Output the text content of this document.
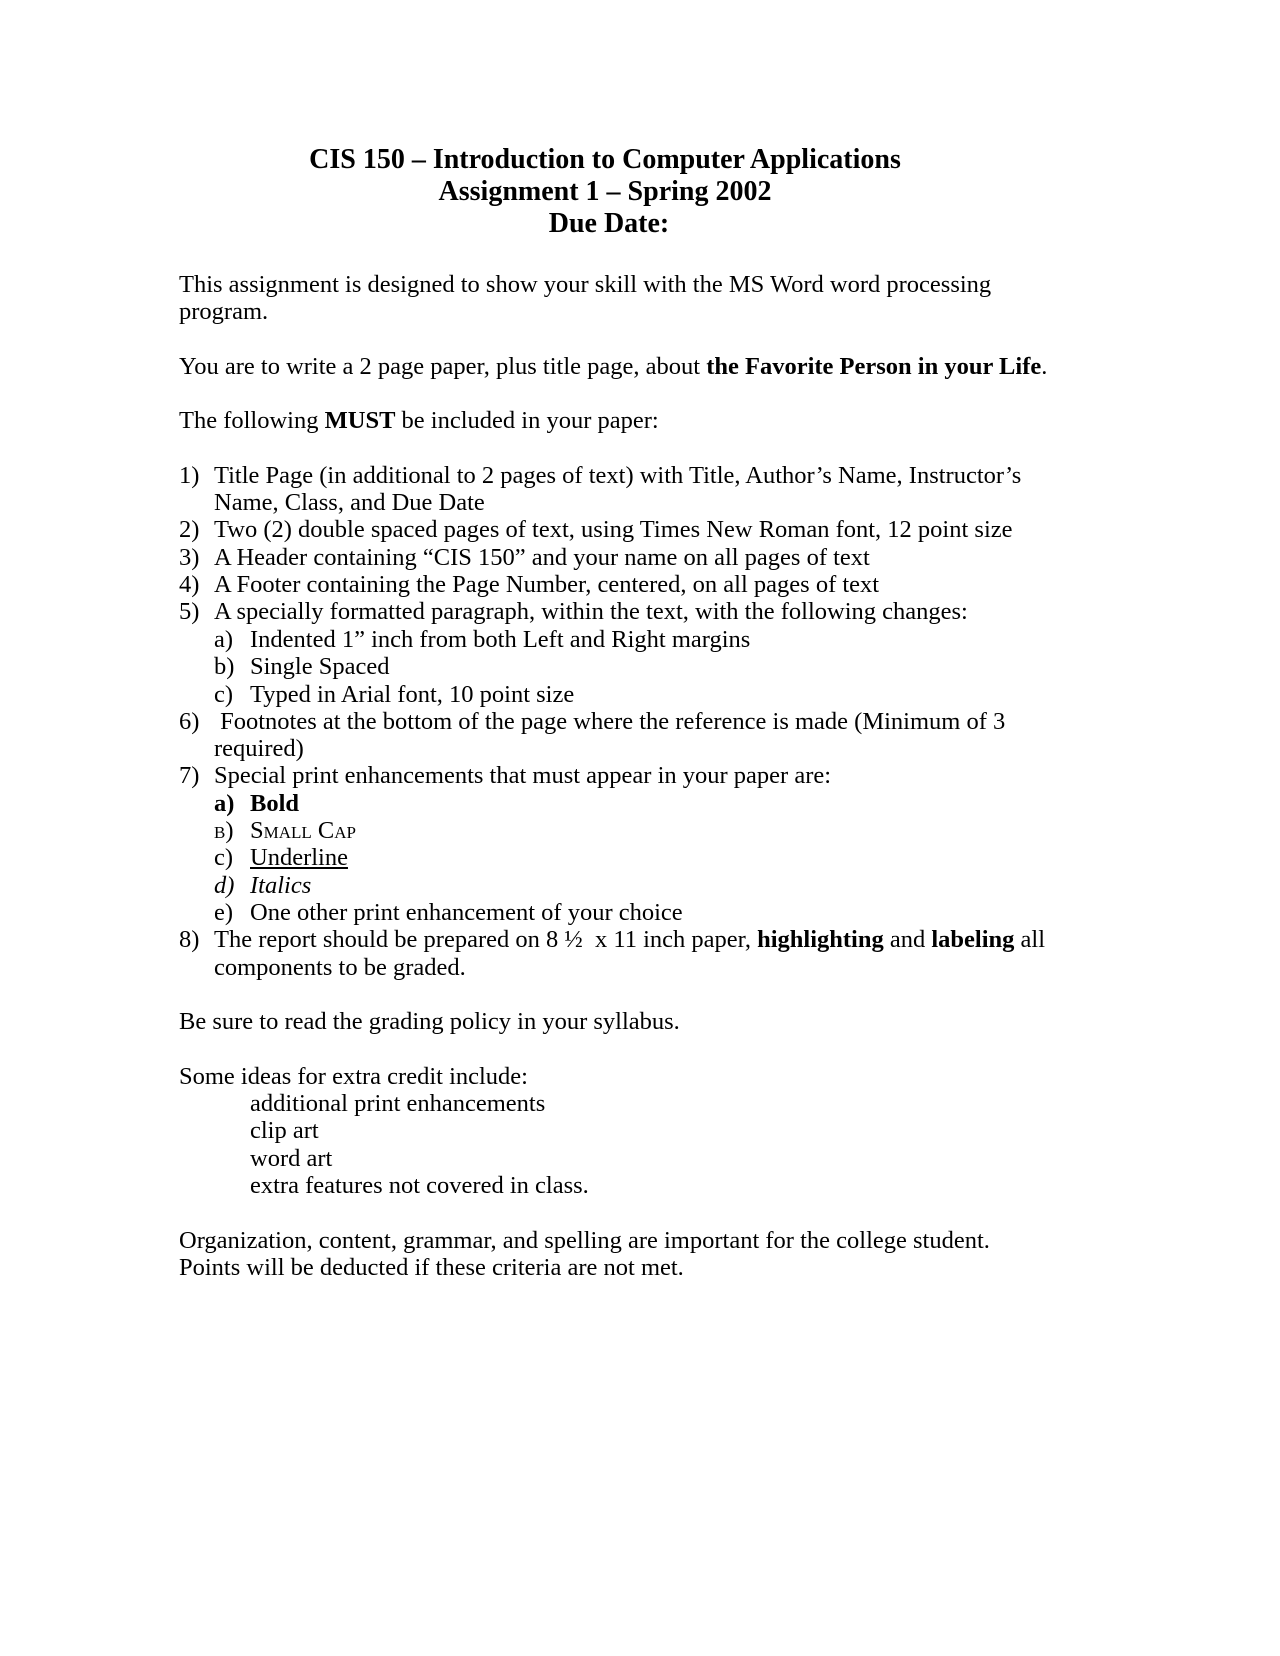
CIS 150 – Introduction to Computer Applications
Assignment 1 – Spring 2002
Due Date:
This assignment is designed to show your skill with the MS Word word processing
program.
You are to write a 2 page paper, plus title page, about the Favorite Person in your Life.
The following MUST be included in your paper:
1) Title Page (in additional to 2 pages of text) with Title, Author’s Name, Instructor’s
Name, Class, and Due Date
2) Two (2) double spaced pages of text, using Times New Roman font, 12 point size
3) A Header containing “CIS 150” and your name on all pages of text
4) A Footer containing the Page Number, centered, on all pages of text
5) A specially formatted paragraph, within the text, with the following changes:
a) Indented 1” inch from both Left and Right margins
b) Single Spaced
c) Typed in Arial font, 10 point size
6) Footnotes at the bottom of the page where the reference is made (Minimum of 3
required)
7) Special print enhancements that must appear in your paper are:
a) Bold
b) Small Cap
c) Underline
d) Italics
e) One other print enhancement of your choice
8) The report should be prepared on 8 ½  x 11 inch paper, highlighting and labeling all
components to be graded.
Be sure to read the grading policy in your syllabus.
Some ideas for extra credit include:
additional print enhancements
clip art
word art
extra features not covered in class.
Organization, content, grammar, and spelling are important for the college student.
Points will be deducted if these criteria are not met.
